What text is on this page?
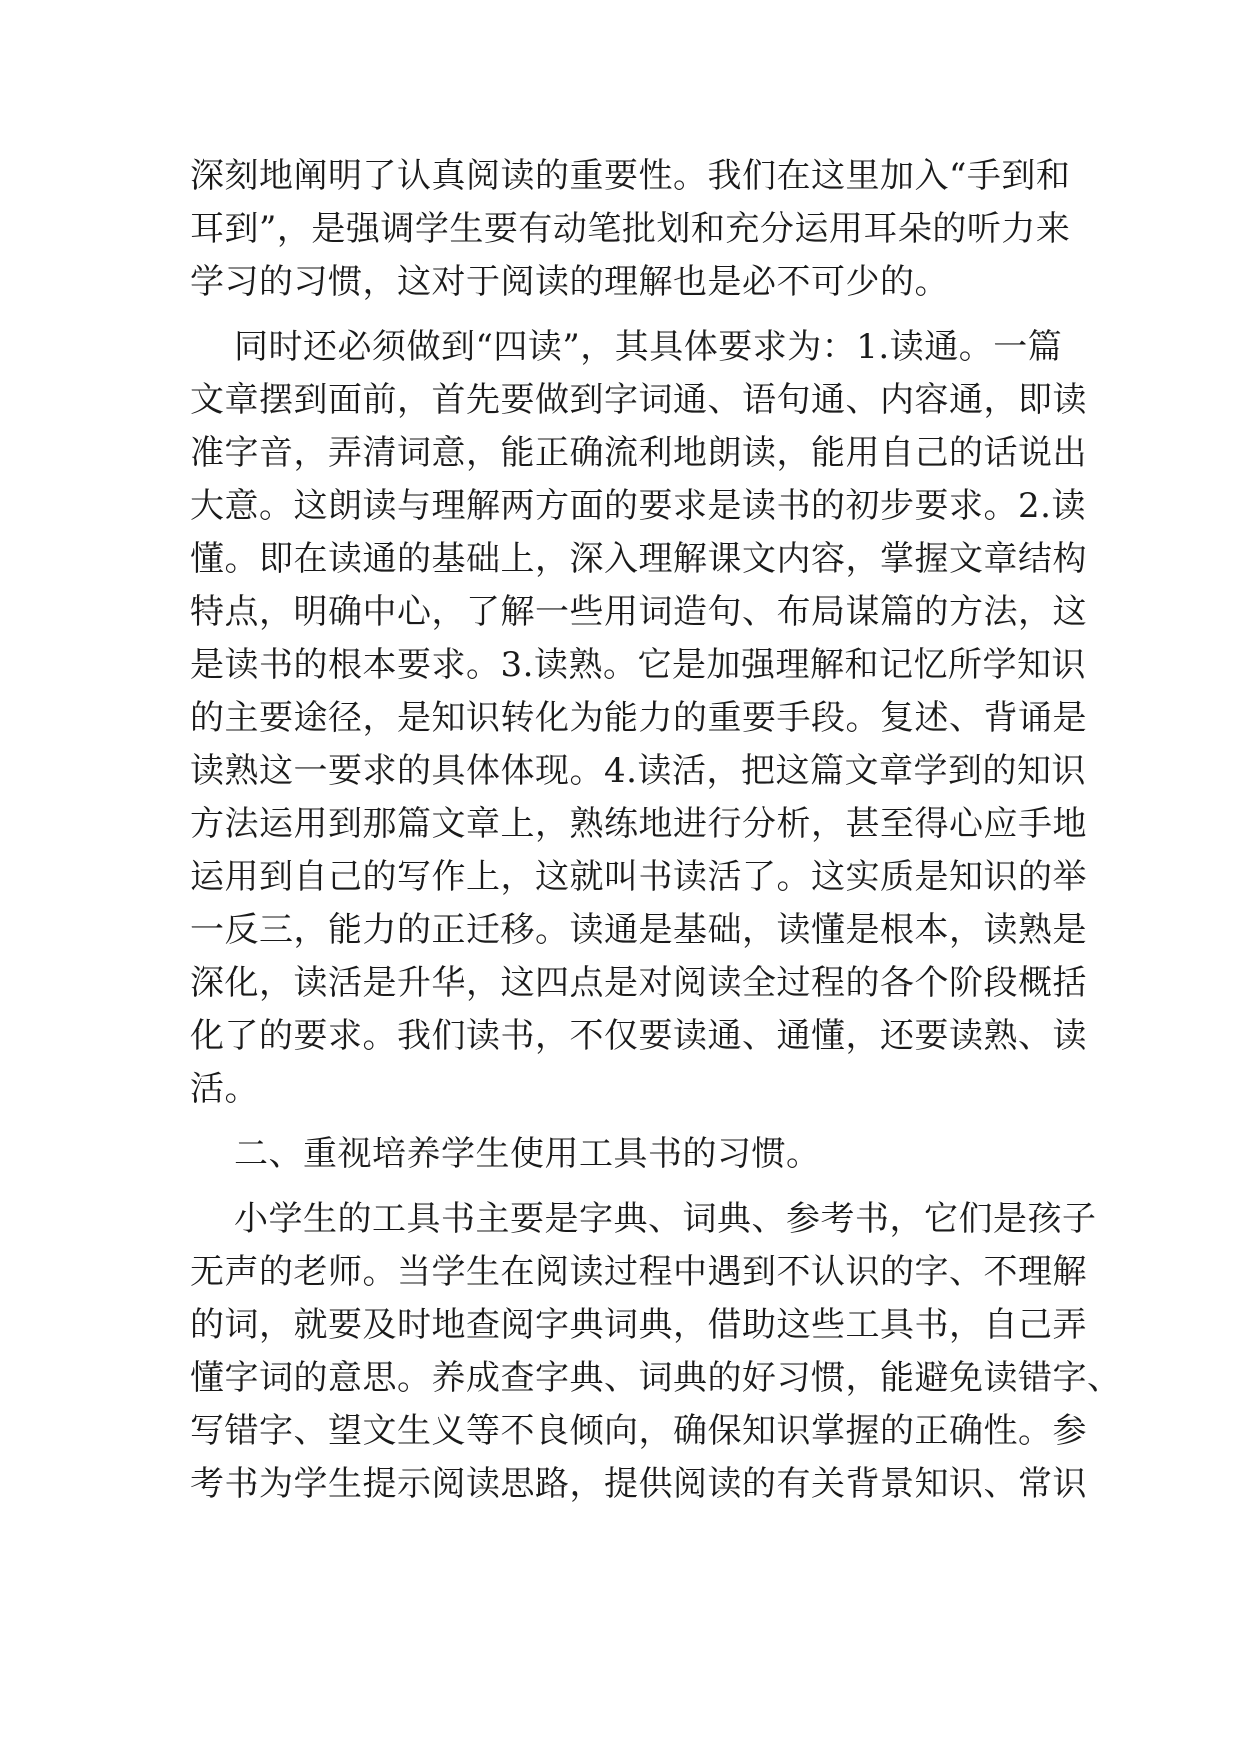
深刻地阐明了认真阅读的重要性。我们在这里加入“手到和
耳到”，是强调学生要有动笔批划和充分运用耳朵的听力来
学习的习惯，这对于阅读的理解也是必不可少的。
同时还必须做到“四读”，其具体要求为：1.读通。一篇
文章摆到面前，首先要做到字词通、语句通、内容通，即读
准字音，弄清词意，能正确流利地朗读，能用自己的话说出
大意。这朗读与理解两方面的要求是读书的初步要求。2.读
懂。即在读通的基础上，深入理解课文内容，掌握文章结构
特点，明确中心，了解一些用词造句、布局谋篇的方法，这
是读书的根本要求。3.读熟。它是加强理解和记忆所学知识
的主要途径，是知识转化为能力的重要手段。复述、背诵是
读熟这一要求的具体体现。4.读活，把这篇文章学到的知识
方法运用到那篇文章上，熟练地进行分析，甚至得心应手地
运用到自己的写作上，这就叫书读活了。这实质是知识的举
一反三，能力的正迁移。读通是基础，读懂是根本，读熟是
深化，读活是升华，这四点是对阅读全过程的各个阶段概括
化了的要求。我们读书，不仅要读通、通懂，还要读熟、读
活。
二、重视培养学生使用工具书的习惯。
小学生的工具书主要是字典、词典、参考书，它们是孩子
无声的老师。当学生在阅读过程中遇到不认识的字、不理解
的词，就要及时地查阅字典词典，借助这些工具书，自己弄
懂字词的意思。养成查字典、词典的好习惯，能避免读错字、
写错字、望文生义等不良倾向，确保知识掌握的正确性。参
考书为学生提示阅读思路，提供阅读的有关背景知识、常识
